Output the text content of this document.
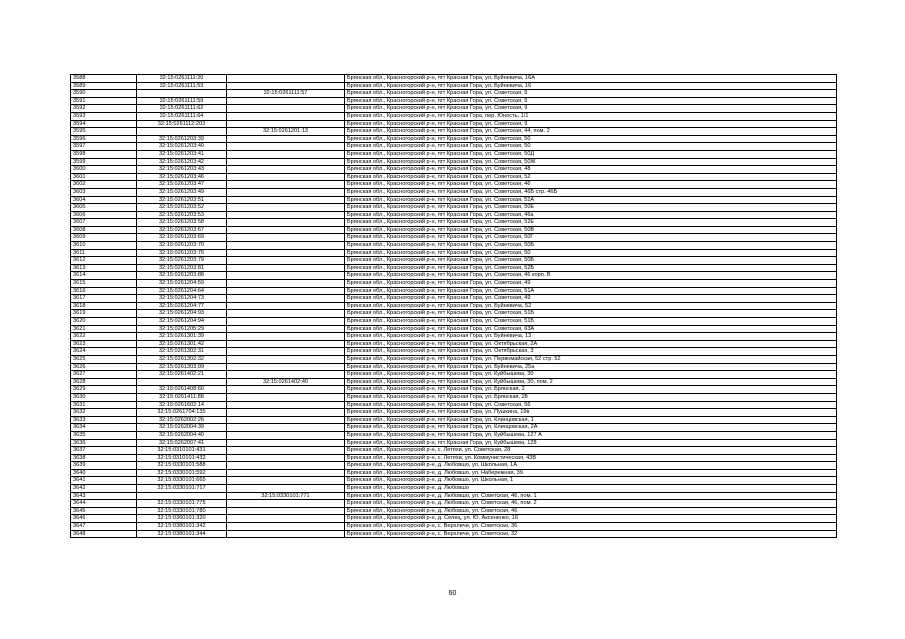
3588	32:15:0261111:20		Брянская обл., Красногорский р-н, пгт Красная Гора, ул. Буйневича, 16А
3589	32:15:0261111:53		Брянская обл., Красногорский р-н, пгт Красная Гора, ул. Буйневича, 16
3590		32:15:0261111:57	Брянская обл., Красногорский р-н, пгт Красная Гора, ул. Советская, 9
3591	32:15:0261111:59		Брянская обл., Красногорский р-н, пгт Красная Гора, ул. Советская, 9
3592	32:15:0261111:62		Брянская обл., Красногорский р-н, пгт Красная Гора, ул. Советская, 9
3593	32:15:0261111:64		Брянская обл., Красногорский р-н, пгт Красная Гора, пер. Юность, 1/1
3594	32:15:0261112:203		Брянская обл., Красногорский р-н, пгт Красная Гора, ул. Советская, 9
3595		32:15:0261201:13	Брянская обл., Красногорский р-н, пгт Красная Гора, ул. Советская, 44, пом. 2
3596	32:15:0261203:39		Брянская обл., Красногорский р-н, пгт Красная Гора, ул. Советская, 50
3597	32:15:0261203:40		Брянская обл., Красногорский р-н, пгт Красная Гора, ул. Советская, 50
3598	32:15:0261203:41		Брянская обл., Красногорский р-н, пгт Красная Гора, ул. Советская, 50Д
3599	32:15:0261203:42		Брянская обл., Красногорский р-н, пгт Красная Гора, ул. Советская, 50Ж
3600	32:15:0261203:43		Брянская обл., Красногорский р-н, пгт Красная Гора, ул. Советская, 48
3601	32:15:0261203:46		Брянская обл., Красногорский р-н, пгт Красная Гора, ул. Советская, 52
3602	32:15:0261203:47		Брянская обл., Красногорский р-н, пгт Красная Гора, ул. Советская, 46
3603	32:15:0261203:49		Брянская обл., Красногорский р-н, пгт Красная Гора, ул. Советская, 46Б стр. 46Б
3604	32:15:0261203:51		Брянская обл., Красногорский р-н, пгт Красная Гора, ул. Советская, 52А
3605	32:15:0261203:52		Брянская обл., Красногорский р-н, пгт Красная Гора, ул. Советская, 50Е
3606	32:15:0261203:53		Брянская обл., Красногорский р-н, пгт Красная Гора, ул. Советская, 46а
3607	32:15:0261203:58		Брянская обл., Красногорский р-н, пгт Красная Гора, ул. Советская, 52Е
3608	32:15:0261203:67		Брянская обл., Красногорский р-н, пгт Красная Гора, ул. Советская, 50В
3609	32:15:0261203:69		Брянская обл., Красногорский р-н, пгт Красная Гора, ул. Советская, 50Г
3610	32:15:0261203:70		Брянская обл., Красногорский р-н, пгт Красная Гора, ул. Советская, 50Б
3611	32:15:0261203:76		Брянская обл., Красногорский р-н, пгт Красная Гора, ул. Советская, 50
3612	32:15:0261203:79		Брянская обл., Красногорский р-н, пгт Красная Гора, ул. Советская, 50Б
3613	32:15:0261203:81		Брянская обл., Красногорский р-н, пгт Красная Гора, ул. Советская, 52Б
3614	32:15:0261203:88		Брянская обл., Красногорский р-н, пгт Красная Гора, ул. Советская, 46 корп. В
3615	32:15:0261204:59		Брянская обл., Красногорский р-н, пгт Красная Гора, ул. Советская, 49
3616	32:15:0261204:64		Брянская обл., Красногорский р-н, пгт Красная Гора, ул. Советская, 51А
3617	32:15:0261204:73		Брянская обл., Красногорский р-н, пгт Красная Гора, ул. Советская, 49
3618	32:15:0261204:77		Брянская обл., Красногорский р-н, пгт Красная Гора, ул. Буйневича, 52
3619	32:15:0261204:93		Брянская обл., Красногорский р-н, пгт Красная Гора, ул. Советская, 51Б
3620	32:15:0261204:94		Брянская обл., Красногорский р-н, пгт Красная Гора, ул. Советская, 51Б
3621	32:15:0261205:29		Брянская обл., Красногорский р-н, пгт Красная Гора, ул. Советская, 63А
3622	32:15:0261301:39		Брянская обл., Красногорский р-н, пгт Красная Гора, ул. Буйневича, 13
3623	32:15:0261301:42		Брянская обл., Красногорский р-н, пгт Красная Гора, ул. Октябрьская, 2А
3624	32:15:0261302:31		Брянская обл., Красногорский р-н, пгт Красная Гора, ул. Октябрьская, 3
3625	32:15:0261302:32		Брянская обл., Красногорский р-н, пгт Красная Гора, ул. Первомайская, 52 стр. 52
3626	32:15:0261303:99		Брянская обл., Красногорский р-н, пгт Красная Гора, ул. Буйневича, 25а
3627	32:15:0261402:21		Брянская обл., Красногорский р-н, пгт Красная Гора, ул. Куйбышева, 30
3628		32:15:0261402:40	Брянская обл., Красногорский р-н, пгт Красная Гора, ул. Куйбышева, 30, пом. 2
3629	32:15:0261408:60		Брянская обл., Красногорский р-н, пгт Красная Гора, ул. Брянская, 2
3630	32:15:0261411:88		Брянская обл., Красногорский р-н, пгт Красная Гора, ул. Брянская, 28
3631	32:15:0261602:14		Брянская обл., Красногорский р-н, пгт Красная Гора, ул. Советская, 56
3632	32:15:0261704:135		Брянская обл., Красногорский р-н, пгт Красная Гора, ул. Пушкина, 19в
3633	32:15:0262002:26		Брянская обл., Красногорский р-н, пгт Красная Гора, ул. Клинцовская, 1
3634	32:15:0262004:39		Брянская обл., Красногорский р-н, пгт Красная Гора, ул. Клинцовская, 2А
3635	32:15:0262004:40		Брянская обл., Красногорский р-н, пгт Красная Гора, ул. Куйбышева, 127 А
3636	32:15:0262007:41		Брянская обл., Красногорский р-н, пгт Красная Гора, ул. Куйбышева, 128
3637	32:15:0310101:431		Брянская обл., Красногорский р-н, с. Летяхи, ул. Советская, 28
3638	32:15:0310101:432		Брянская обл., Красногорский р-н, с. Летяхи, ул. Коммунистическая, 43В
3639	32:15:0330101:588		Брянская обл., Красногорский р-н, д. Любовшо, ул. Школьная, 1А
3640	32:15:0330101:592		Брянская обл., Красногорский р-н, д. Любовшо, ул. Набережная, 39
3641	32:15:0330101:665		Брянская обл., Красногорский р-н, д. Любовшо, ул. Школьная, 1
3642	32:15:0330101:717		Брянская обл., Красногорский р-н, д. Любовшо
3643		32:15:0330101:771	Брянская обл., Красногорский р-н, д. Любовшо, ул. Советская, 46, пом. 1
3644	32:15:0330101:775		Брянская обл., Красногорский р-н, д. Любовшо, ул. Советская, 46, пом. 2
3645	32:15:0330101:780		Брянская обл., Красногорский р-н, д. Любовшо, ул. Советская, 46
3646	32:15:0360101:320		Брянская обл., Красногорский р-н, д. Селец, ул. Ю. Аксененко, 16
3647	32:15:0380101:342		Брянская обл., Красногорский р-н, с. Верхличи, ул. Советская, 36
3648	32:15:0380101:344		Брянская обл., Красногорский р-н, с. Верхличи, ул. Советская, 32
60
